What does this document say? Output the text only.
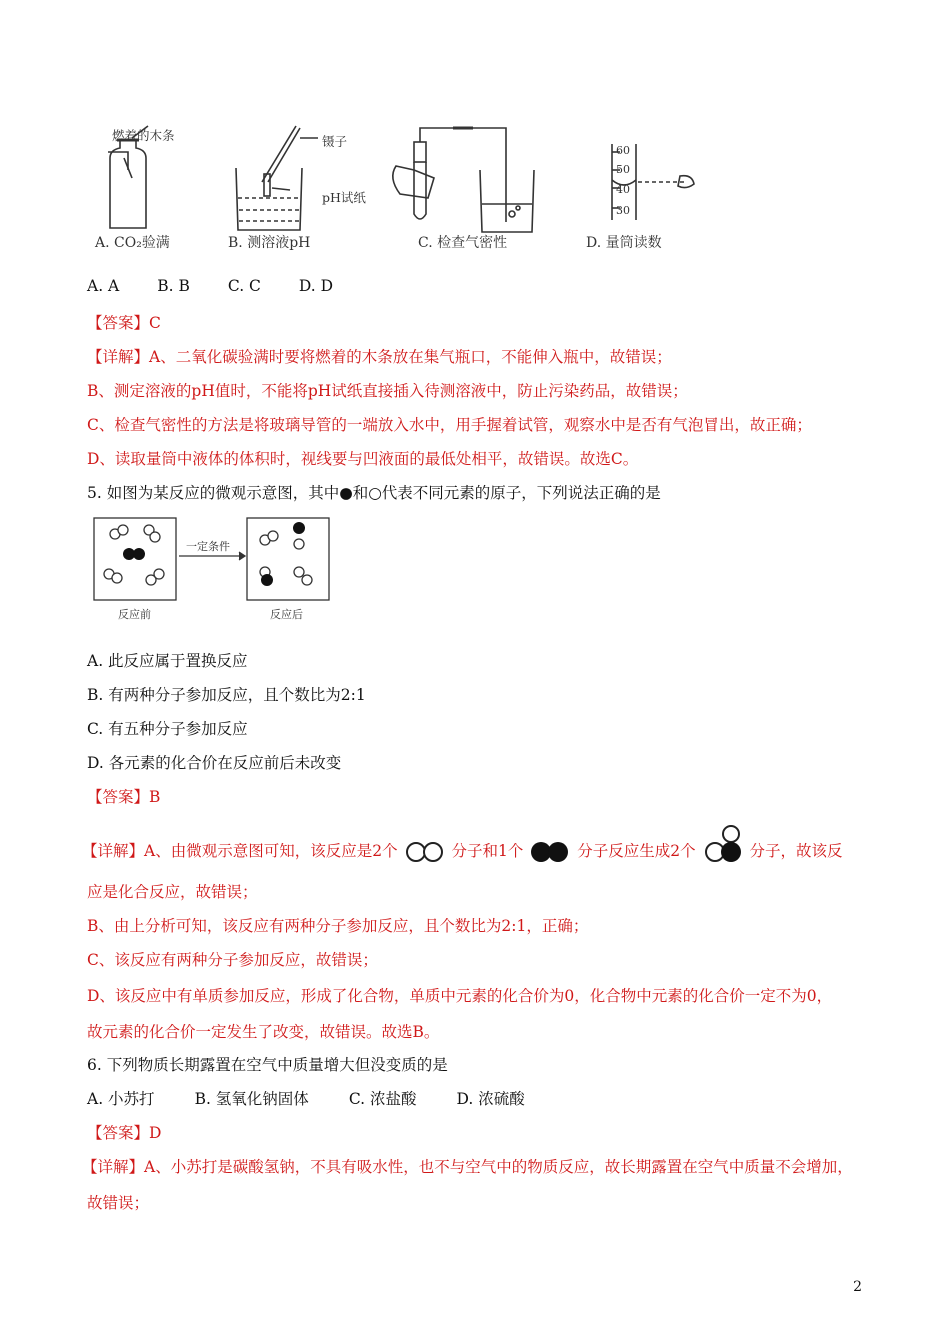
燃着的木条	镊子
pH试纸
60
50
40
30
A. CO₂验满	B. 测溶液pH	C. 检查气密性	D. 量筒读数
A. A B. B C. C D. D
【答案】C
【详解】A、二氧化碳验满时要将燃着的木条放在集气瓶口，不能伸入瓶中，故错误；
B、测定溶液的pH值时，不能将pH试纸直接插入待测溶液中，防止污染药品，故错误；
C、检查气密性的方法是将玻璃导管的一端放入水中，用手握着试管，观察水中是否有气泡冒出，故正确；
D、读取量筒中液体的体积时，视线要与凹液面的最低处相平，故错误。故选C。
5. 如图为某反应的微观示意图，其中●和○代表不同元素的原子，下列说法正确的是
一定条件
反应前	反应后
A. 此反应属于置换反应
B. 有两种分子参加反应，且个数比为2:1
C. 有五种分子参加反应
D. 各元素的化合价在反应前后未改变
【答案】B
【详解】A、由微观示意图可知，该反应是2个	分子和1个	分子反应生成2个	分子，故该反
应是化合反应，故错误；
B、由上分析可知，该反应有两种分子参加反应，且个数比为2:1，正确；
C、该反应有两种分子参加反应，故错误；
D、该反应中有单质参加反应，形成了化合物，单质中元素的化合价为0，化合物中元素的化合价一定不为0，
故元素的化合价一定发生了改变，故错误。故选B。
6. 下列物质长期露置在空气中质量增大但没变质的是
A. 小苏打	B. 氢氧化钠固体	C. 浓盐酸	D. 浓硫酸
【答案】D
【详解】A、小苏打是碳酸氢钠，不具有吸水性，也不与空气中的物质反应，故长期露置在空气中质量不会增加，
故错误；
2
